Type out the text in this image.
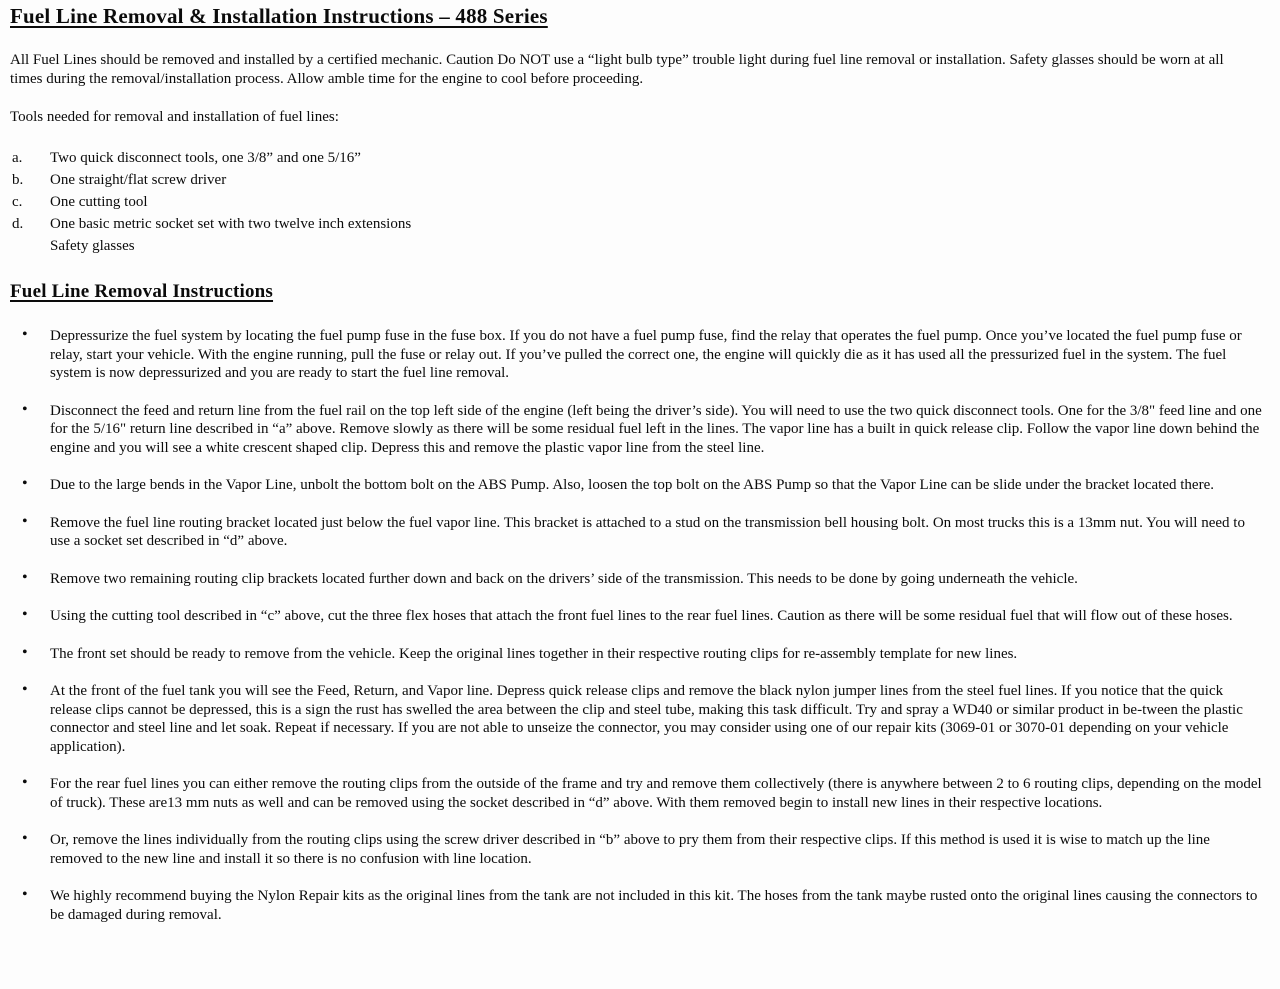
Fuel Line Removal & Installation Instructions – 488 Series

All Fuel Lines should be removed and installed by a certified mechanic. Caution Do NOT use a “light bulb type” trouble light during fuel line removal or installation. Safety glasses should be worn at all times during the removal/installation process. Allow amble time for the engine to cool before proceeding.

Tools needed for removal and installation of fuel lines:

a. Two quick disconnect tools, one 3/8” and one 5/16”
b. One straight/flat screw driver
c. One cutting tool
d. One basic metric socket set with two twelve inch extensions
Safety glasses
Fuel Line Removal Instructions
• Depressurize the fuel system by locating the fuel pump fuse in the fuse box. If you do not have a fuel pump fuse, find the relay that operates the fuel pump. Once you’ve located the fuel pump fuse or relay, start your vehicle. With the engine running, pull the fuse or relay out. If you’ve pulled the correct one, the engine will quickly die as it has used all the pressurized fuel in the system. The fuel system is now depressurized and you are ready to start the fuel line removal.
• Disconnect the feed and return line from the fuel rail on the top left side of the engine (left being the driver’s side). You will need to use the two quick disconnect tools. One for the 3/8" feed line and one for the 5/16" return line described in “a” above. Remove slowly as there will be some residual fuel left in the lines. The vapor line has a built in quick release clip. Follow the vapor line down behind the engine and you will see a white crescent shaped clip. Depress this and remove the plastic vapor line from the steel line.
• Due to the large bends in the Vapor Line, unbolt the bottom bolt on the ABS Pump. Also, loosen the top bolt on the ABS Pump so that the Vapor Line can be slide under the bracket located there.
• Remove the fuel line routing bracket located just below the fuel vapor line. This bracket is attached to a stud on the transmission bell housing bolt. On most trucks this is a 13mm nut. You will need to use a socket set described in “d” above.
• Remove two remaining routing clip brackets located further down and back on the drivers’ side of the transmission. This needs to be done by going underneath the vehicle.
• Using the cutting tool described in “c” above, cut the three flex hoses that attach the front fuel lines to the rear fuel lines. Caution as there will be some residual fuel that will flow out of these hoses.
• The front set should be ready to remove from the vehicle. Keep the original lines together in their respective routing clips for re-assembly template for new lines.
• At the front of the fuel tank you will see the Feed, Return, and Vapor line. Depress quick release clips and remove the black nylon jumper lines from the steel fuel lines. If you notice that the quick release clips cannot be depressed, this is a sign the rust has swelled the area between the clip and steel tube, making this task difficult. Try and spray a WD40 or similar product in be-tween the plastic connector and steel line and let soak. Repeat if necessary. If you are not able to unseize the connector, you may consider using one of our repair kits (3069-01 or 3070-01 depending on your vehicle application).
• For the rear fuel lines you can either remove the routing clips from the outside of the frame and try and remove them collectively (there is anywhere between 2 to 6 routing clips, depending on the model of truck). These are13 mm nuts as well and can be removed using the socket described in “d” above. With them removed begin to install new lines in their respective locations.
• Or, remove the lines individually from the routing clips using the screw driver described in “b” above to pry them from their respective clips. If this method is used it is wise to match up the line removed to the new line and install it so there is no confusion with line location.
• We highly recommend buying the Nylon Repair kits as the original lines from the tank are not included in this kit. The hoses from the tank maybe rusted onto the original lines causing the connectors to be damaged during removal.
